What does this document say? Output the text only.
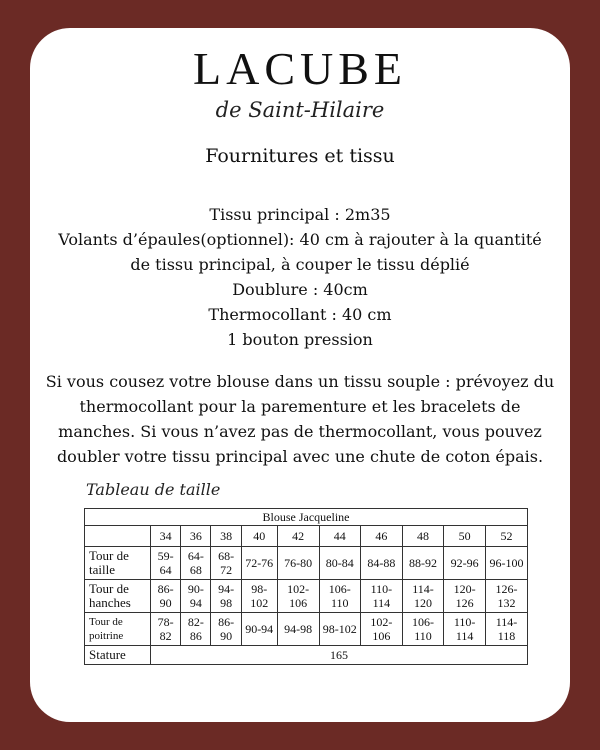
LACUBE
de Saint-Hilaire
Fournitures et tissu
Tissu principal : 2m35
Volants d’épaules(optionnel): 40 cm à rajouter à la quantité de tissu principal, à couper le tissu déplié
Doublure : 40cm
Thermocollant : 40 cm
1 bouton pression
Si vous cousez votre blouse dans un tissu souple : prévoyez du thermocollant pour la parementure et les bracelets de manches. Si vous n’avez pas de thermocollant, vous pouvez doubler votre tissu principal avec une chute de coton épais.
Tableau de taille
Blouse Jacqueline										
	34	36	38	40	42	44	46	48	50	52
Tour de taille	59-64	64-68	68-72	72-76	76-80	80-84	84-88	88-92	92-96	96-100
Tour de hanches	86-90	90-94	94-98	98-102	102-106	106-110	110-114	114-120	120-126	126-132
Tour de poitrine	78-82	82-86	86-90	90-94	94-98	98-102	102-106	106-110	110-114	114-118
Stature	165									
